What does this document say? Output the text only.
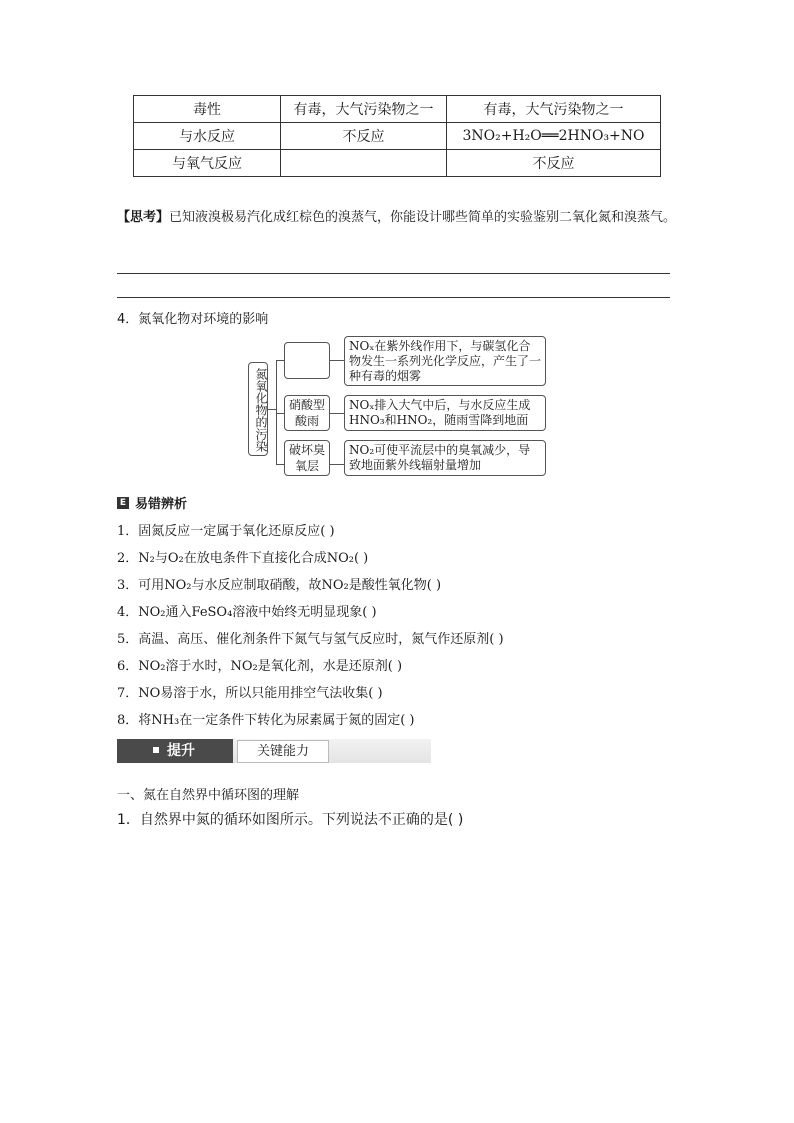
毒性	有毒，大气污染物之一	有毒，大气污染物之一
与水反应	不反应	3NO₂+H₂O══2HNO₃+NO
与氧气反应		不反应
【思考】已知液溴极易汽化成红棕色的溴蒸气，你能设计哪些简单的实验鉴别二氧化氮和溴蒸气。
4．氮氧化物对环境的影响
氮氧化物的污染
NOₓ在紫外线作用下，与碳氢化合物发生一系列光化学反应，产生了一种有毒的烟雾
硝酸型酸雨
NOₓ排入大气中后，与水反应生成HNO₃和HNO₂，随雨雪降到地面
破坏臭氧层
NO₂可使平流层中的臭氧减少，导致地面紫外线辐射量增加
E 易错辨析
1．固氮反应一定属于氧化还原反应( )
2．N₂与O₂在放电条件下直接化合成NO₂( )
3．可用NO₂与水反应制取硝酸，故NO₂是酸性氧化物( )
4．NO₂通入FeSO₄溶液中始终无明显现象( )
5．高温、高压、催化剂条件下氮气与氢气反应时，氮气作还原剂( )
6．NO₂溶于水时，NO₂是氧化剂，水是还原剂( )
7．NO易溶于水，所以只能用排空气法收集( )
8．将NH₃在一定条件下转化为尿素属于氮的固定( )
提升	关键能力
一、氮在自然界中循环图的理解
1．自然界中氮的循环如图所示。下列说法不正确的是( )
